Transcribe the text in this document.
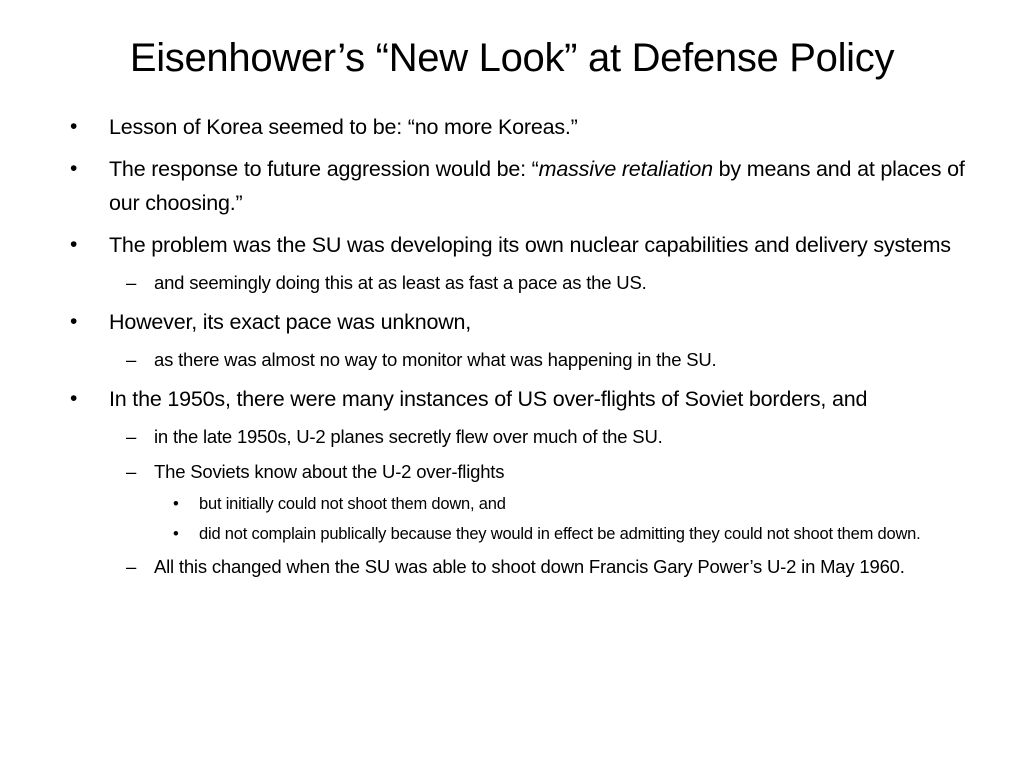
Eisenhower’s “New Look” at Defense Policy
•	Lesson of Korea seemed to be: “no more Koreas.”
•	The response to future aggression would be: “massive retaliation by means and at places of our choosing.”
•	The problem was the SU was developing its own nuclear capabilities and delivery systems
– and seemingly doing this at as least as fast a pace as the US.
•	However, its exact pace was unknown,
– as there was almost no way to monitor what was happening in the SU.
•	In the 1950s, there were many instances of US over-flights of Soviet borders, and
– in the late 1950s, U-2 planes secretly flew over much of the SU.
– The Soviets know about the U-2 over-flights
•	but initially could not shoot them down, and
•	did not complain publically because they would in effect be admitting they could not shoot them down.
– All this changed when the SU was able to shoot down Francis Gary Power’s U-2 in May 1960.
